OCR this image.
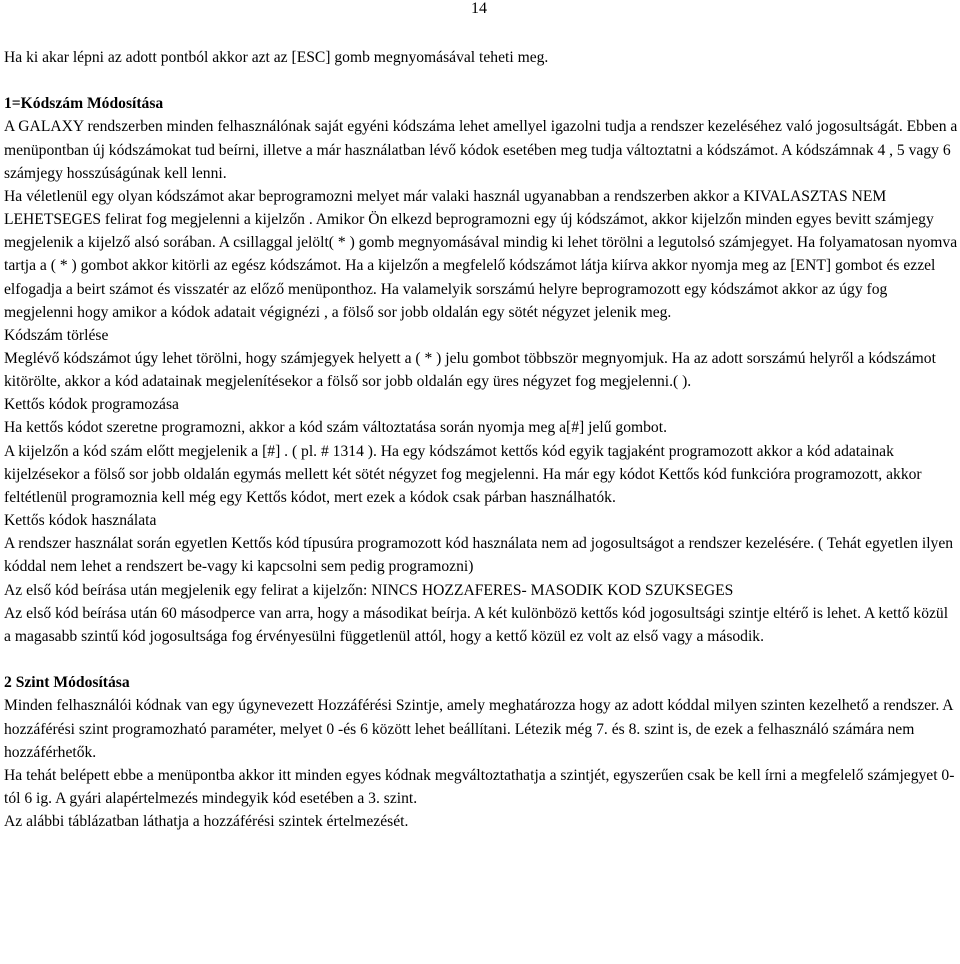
14

Ha ki akar lépni az adott pontból akkor azt az [ESC] gomb megnyomásával teheti meg.

1=Kódszám Módosítása

A GALAXY rendszerben minden felhasználónak saját egyéni kódszáma lehet amellyel igazolni tudja a rendszer kezeléséhez való jogosultságát. Ebben a menüpontban új kódszámokat tud beírni, illetve a már használatban lévő kódok esetében meg tudja változtatni a kódszámot. A kódszámnak 4 , 5 vagy 6 számjegy hosszúságúnak kell lenni.

Ha véletlenül egy olyan kódszámot akar beprogramozni melyet már valaki használ ugyanabban a rendszerben akkor a KIVALASZTAS NEM LEHETSEGES felirat fog megjelenni a kijelzőn . Amikor Ön elkezd beprogramozni egy új kódszámot, akkor kijelzőn minden egyes bevitt számjegy megjelenik a kijelző alsó sorában. A csillaggal jelölt( * ) gomb megnyomásával mindig ki lehet törölni a legutolsó számjegyet. Ha folyamatosan nyomva tartja a ( * ) gombot akkor kitörli az egész kódszámot. Ha a kijelzőn a megfelelő kódszámot látja kiírva akkor nyomja meg az [ENT] gombot és ezzel elfogadja a beirt számot és visszatér az előző menüponthoz. Ha valamelyik sorszámú helyre beprogramozott egy kódszámot akkor az úgy fog megjelenni hogy amikor a kódok adatait végignézi , a fölső sor jobb oldalán egy sötét négyzet jelenik meg.

Kódszám törlése

Meglévő kódszámot úgy lehet törölni, hogy számjegyek helyett a ( * ) jelu gombot többször megnyomjuk. Ha az adott sorszámú helyről a kódszámot kitörölte, akkor a kód adatainak megjelenítésekor a fölső sor jobb oldalán egy üres négyzet fog megjelenni.( ).

Kettős kódok programozása

Ha kettős kódot szeretne programozni, akkor a kód szám változtatása során nyomja meg a[#] jelű gombot.

A kijelzőn a kód szám előtt megjelenik a [#] . ( pl. # 1314 ). Ha egy kódszámot kettős kód egyik tagjaként programozott akkor a kód adatainak kijelzésekor a fölső sor jobb oldalán egymás mellett két sötét négyzet fog megjelenni. Ha már egy kódot Kettős kód funkcióra programozott, akkor feltétlenül programoznia kell még egy Kettős kódot, mert ezek a kódok csak párban használhatók.

Kettős kódok használata

A rendszer használat során egyetlen Kettős kód típusúra programozott kód használata nem ad jogosultságot a rendszer kezelésére. ( Tehát egyetlen ilyen kóddal nem lehet a rendszert be-vagy ki kapcsolni sem pedig programozni)

Az első kód beírása után megjelenik egy felirat a kijelzőn: NINCS HOZZAFERES- MASODIK KOD SZUKSEGES

Az első kód beírása után 60 másodperce van arra, hogy a másodikat beírja. A két kulönbözö kettős kód jogosultsági szintje eltérő is lehet. A kettő közül a magasabb szintű kód jogosultsága fog érvényesülni függetlenül attól, hogy a kettő közül ez volt az első vagy a második.

2 Szint Módosítása

Minden felhasználói kódnak van egy úgynevezett Hozzáférési Szintje, amely meghatározza hogy az adott kóddal milyen szinten kezelhető a rendszer. A hozzáférési szint programozható paraméter, melyet 0 -és 6 között lehet beállítani. Létezik még 7. és 8. szint is, de ezek a felhasználó számára nem hozzáférhetők.

Ha tehát belépett ebbe a menüpontba akkor itt minden egyes kódnak megváltoztathatja a szintjét, egyszerűen csak be kell írni a megfelelő számjegyet 0-tól 6 ig. A gyári alapértelmezés mindegyik kód esetében a 3. szint.

Az alábbi táblázatban láthatja a hozzáférési szintek értelmezését.
